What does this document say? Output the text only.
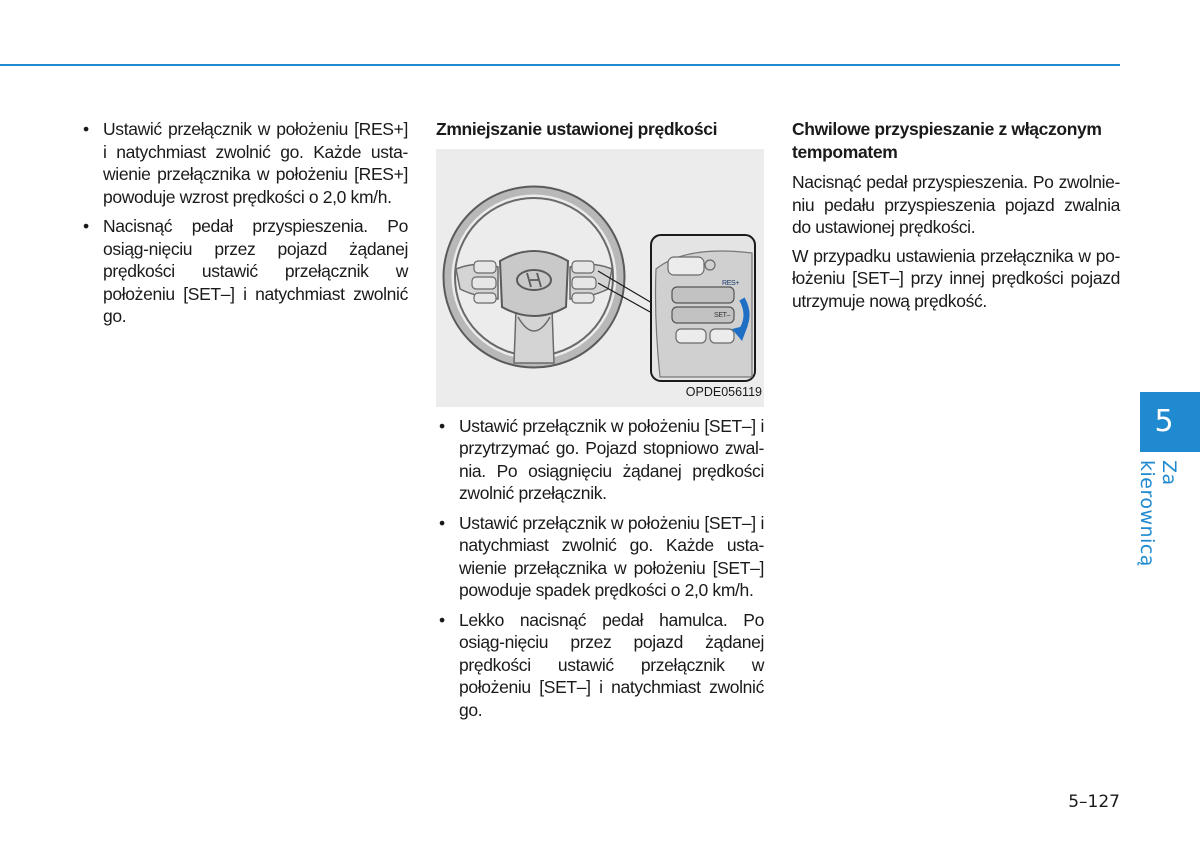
• Ustawić przełącznik w położeniu [RES+] i natychmiast zwolnić go. Każde usta-wienie przełącznika w położeniu [RES+] powoduje wzrost prędkości o 2,0 km/h.
• Nacisnąć pedał przyspieszenia. Po osiąg-nięciu przez pojazd żądanej prędkości ustawić przełącznik w położeniu [SET–] i natychmiast zwolnić go.
Zmniejszanie ustawionej prędkości
RES+
SET–
OPDE056119
• Ustawić przełącznik w położeniu [SET–] i przytrzymać go. Pojazd stopniowo zwal-nia. Po osiągnięciu żądanej prędkości zwolnić przełącznik.
• Ustawić przełącznik w położeniu [SET–] i natychmiast zwolnić go. Każde usta-wienie przełącznika w położeniu [SET–] powoduje spadek prędkości o 2,0 km/h.
• Lekko nacisnąć pedał hamulca. Po osiąg-nięciu przez pojazd żądanej prędkości ustawić przełącznik w położeniu [SET–] i natychmiast zwolnić go.
Chwilowe przyspieszanie z włączonym tempomatem

Nacisnąć pedał przyspieszenia. Po zwolnie-niu pedału przyspieszenia pojazd zwalnia do ustawionej prędkości.

W przypadku ustawienia przełącznika w po-łożeniu [SET–] przy innej prędkości pojazd utrzymuje nową prędkość.

5
Za kierownicą
5–127
